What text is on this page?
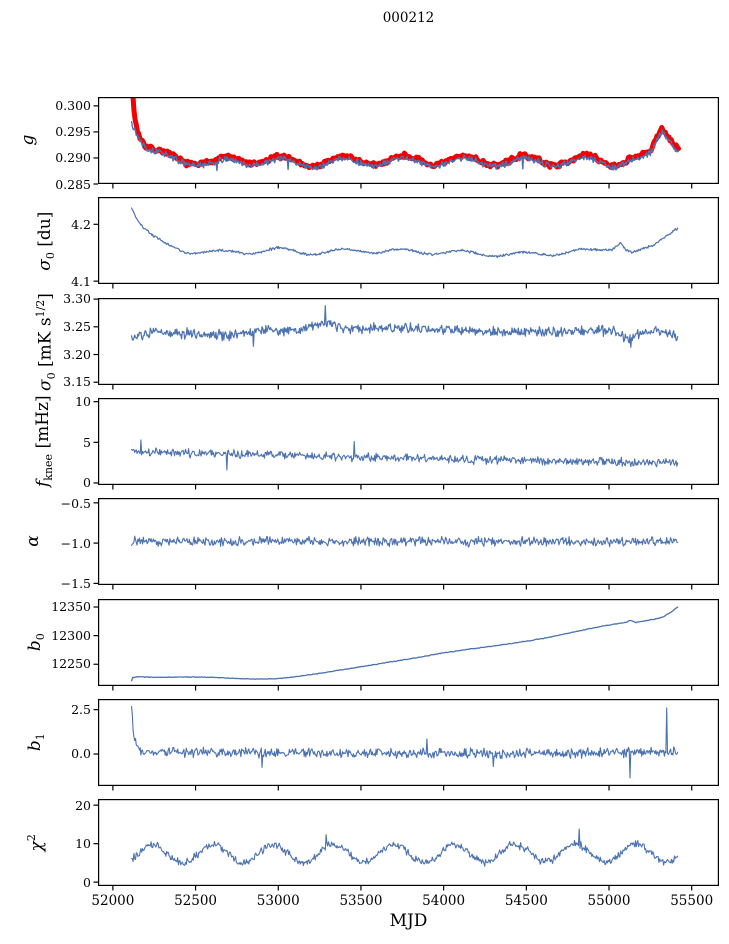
000212
MJD
0.285
0.290
0.295
0.300
g
4.1
4.2
$\sigma_0$ [du]
3.15
3.20
3.25
3.30
$\sigma_0$ [mK $s^{1/2}$]
0
5
10
$f_{knee}$ [mHz]
−1.5
−1.0
−0.5
α
12250
12300
12350
$b_0$
0.0
2.5
$b_1$
0
10
20
$\chi^2$
52000	52500	53000	53500	54000	54500	55000	55500
